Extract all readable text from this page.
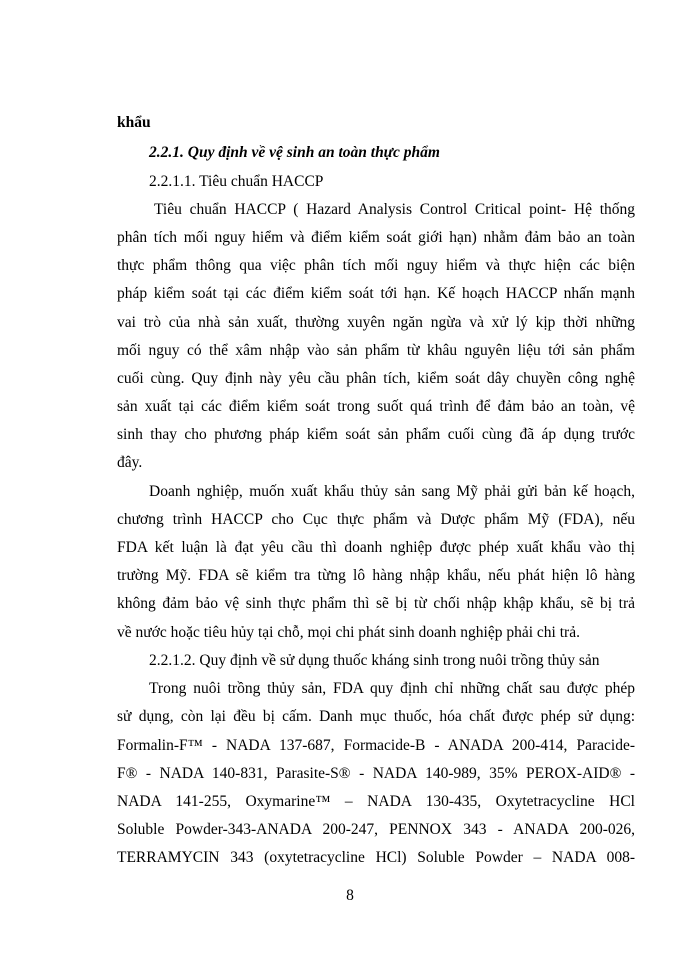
khẩu
2.2.1. Quy định về vệ sinh an toàn thực phẩm
2.2.1.1. Tiêu chuẩn HACCP
Tiêu chuẩn HACCP ( Hazard Analysis Control Critical point- Hệ thống
phân tích mối nguy hiểm và điểm kiểm soát giới hạn) nhằm đảm bảo an toàn
thực phẩm thông qua việc phân tích mối nguy hiểm và thực hiện các biện
pháp kiểm soát tại các điểm kiểm soát tới hạn. Kế hoạch HACCP nhấn mạnh
vai trò của nhà sản xuất, thường xuyên ngăn ngừa và xử lý kịp thời những
mối nguy có thể xâm nhập vào sản phẩm từ khâu nguyên liệu tới sản phẩm
cuối cùng. Quy định này yêu cầu phân tích, kiểm soát dây chuyền công nghệ
sản xuất tại các điểm kiểm soát trong suốt quá trình để đảm bảo an toàn, vệ
sinh thay cho phương pháp kiểm soát sản phẩm cuối cùng đã áp dụng trước
đây.
Doanh nghiệp, muốn xuất khẩu thủy sản sang Mỹ phải gửi bản kế hoạch,
chương trình HACCP cho Cục thực phẩm và Dược phẩm Mỹ (FDA), nếu
FDA kết luận là đạt yêu cầu thì doanh nghiệp được phép xuất khẩu vào thị
trường Mỹ. FDA sẽ kiểm tra từng lô hàng nhập khẩu, nếu phát hiện lô hàng
không đảm bảo vệ sinh thực phẩm thì sẽ bị từ chối nhập khập khẩu, sẽ bị trả
về nước hoặc tiêu hủy tại chỗ, mọi chi phát sinh doanh nghiệp phải chi trả.
2.2.1.2. Quy định về sử dụng thuốc kháng sinh trong nuôi trồng thủy sản
Trong nuôi trồng thủy sản, FDA quy định chỉ những chất sau được phép
sử dụng, còn lại đều bị cấm. Danh mục thuốc, hóa chất được phép sử dụng:
Formalin-F™ - NADA 137-687, Formacide-B - ANADA 200-414, Paracide-
F® - NADA 140-831, Parasite-S® - NADA 140-989, 35% PEROX-AID® -
NADA 141-255, Oxymarine™ – NADA 130-435, Oxytetracycline HCl
Soluble Powder-343-ANADA 200-247, PENNOX 343 - ANADA 200-026,
TERRAMYCIN 343 (oxytetracycline HCl) Soluble Powder – NADA 008-
8
